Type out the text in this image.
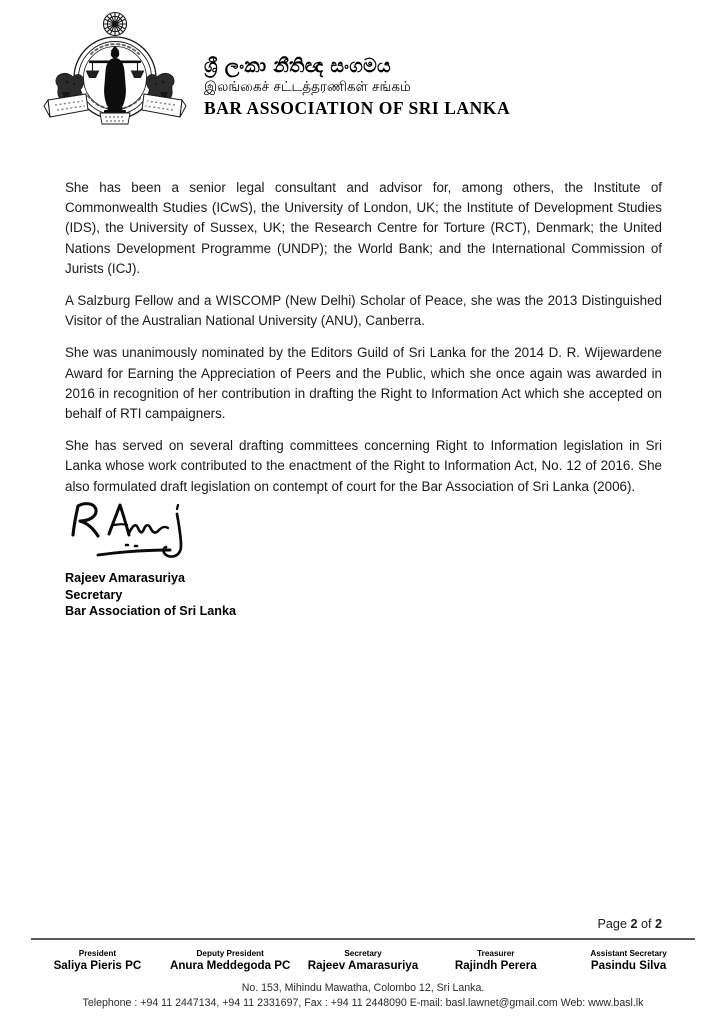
ශ්‍රී ලංකා නීතිඥ සංගමය
இலங்கைச் சட்டத்தரணிகள் சங்கம்
BAR ASSOCIATION OF SRI LANKA

She has been a senior legal consultant and advisor for, among others, the Institute of Commonwealth Studies (ICwS), the University of London, UK; the Institute of Development Studies (IDS), the University of Sussex, UK; the Research Centre for Torture (RCT), Denmark; the United Nations Development Programme (UNDP); the World Bank; and the International Commission of Jurists (ICJ).

A Salzburg Fellow and a WISCOMP (New Delhi) Scholar of Peace, she was the 2013 Distinguished Visitor of the Australian National University (ANU), Canberra.

She was unanimously nominated by the Editors Guild of Sri Lanka for the 2014 D. R. Wijewardene Award for Earning the Appreciation of Peers and the Public, which she once again was awarded in 2016 in recognition of her contribution in drafting the Right to Information Act which she accepted on behalf of RTI campaigners.

She has served on several drafting committees concerning Right to Information legislation in Sri Lanka whose work contributed to the enactment of the Right to Information Act, No. 12 of 2016. She also formulated draft legislation on contempt of court for the Bar Association of Sri Lanka (2006).

Rajeev Amarasuriya
Secretary
Bar Association of Sri Lanka
Page 2 of 2
President
Saliya Pieris PC
Deputy President
Anura Meddegoda PC
Secretary
Rajeev Amarasuriya
Treasurer
Rajindh Perera
Assistant Secretary
Pasindu Silva
No. 153, Mihindu Mawatha, Colombo 12, Sri Lanka.
Telephone : +94 11 2447134, +94 11 2331697, Fax : +94 11 2448090 E-mail: basl.lawnet@gmail.com Web: www.basl.lk
